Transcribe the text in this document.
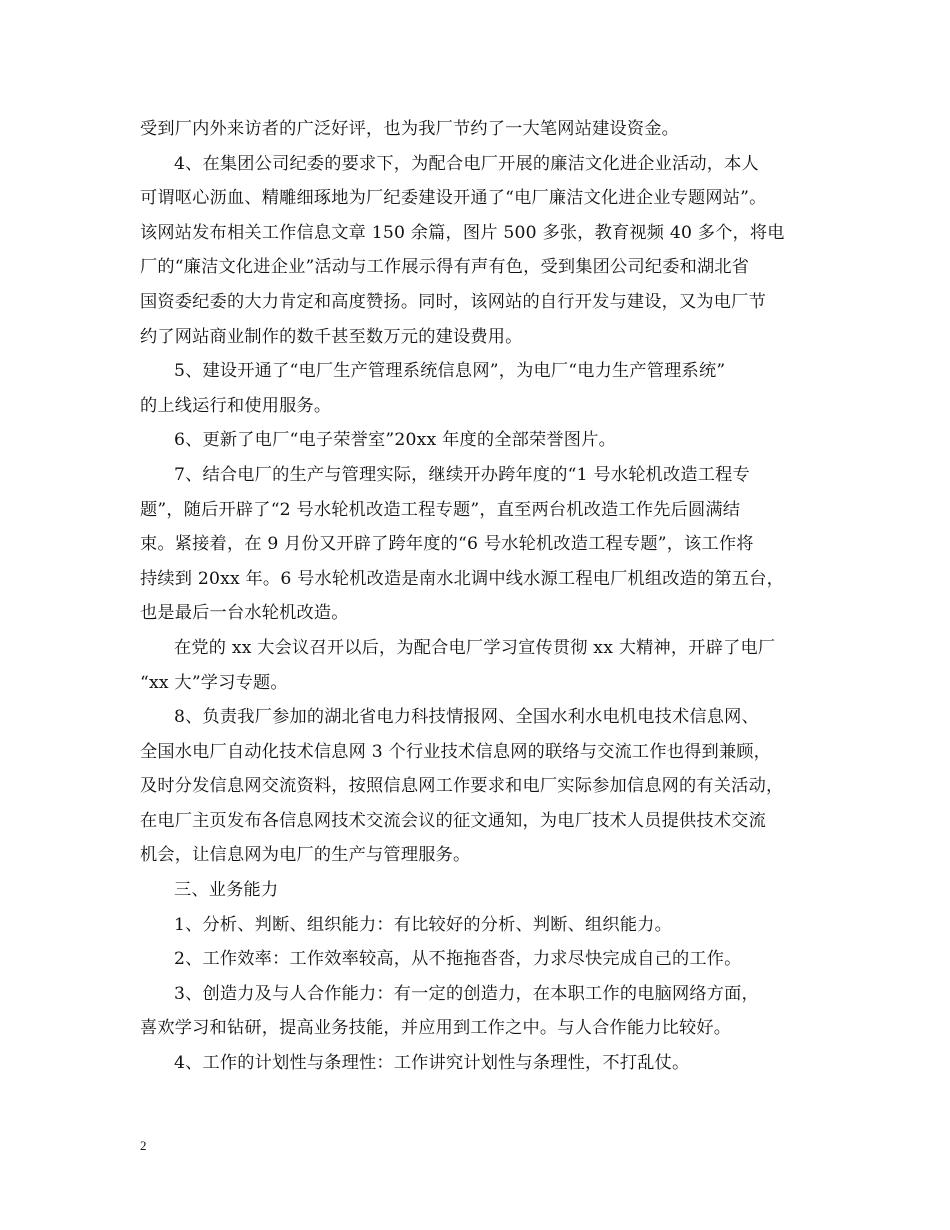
受到厂内外来访者的广泛好评，也为我厂节约了一大笔网站建设资金。
4、在集团公司纪委的要求下，为配合电厂开展的廉洁文化进企业活动，本人
可谓呕心沥血、精雕细琢地为厂纪委建设开通了“电厂廉洁文化进企业专题网站”。
该网站发布相关工作信息文章 150 余篇，图片 500 多张，教育视频 40 多个，将电
厂的“廉洁文化进企业”活动与工作展示得有声有色，受到集团公司纪委和湖北省
国资委纪委的大力肯定和高度赞扬。同时，该网站的自行开发与建设，又为电厂节
约了网站商业制作的数千甚至数万元的建设费用。
5、建设开通了“电厂生产管理系统信息网”，为电厂“电力生产管理系统”
的上线运行和使用服务。
6、更新了电厂“电子荣誉室”20xx 年度的全部荣誉图片。
7、结合电厂的生产与管理实际，继续开办跨年度的“1 号水轮机改造工程专
题”，随后开辟了“2 号水轮机改造工程专题”，直至两台机改造工作先后圆满结
束。紧接着，在 9 月份又开辟了跨年度的“6 号水轮机改造工程专题”，该工作将
持续到 20xx 年。6 号水轮机改造是南水北调中线水源工程电厂机组改造的第五台，
也是最后一台水轮机改造。
在党的 xx 大会议召开以后，为配合电厂学习宣传贯彻 xx 大精神，开辟了电厂
“xx 大”学习专题。
8、负责我厂参加的湖北省电力科技情报网、全国水利水电机电技术信息网、
全国水电厂自动化技术信息网 3 个行业技术信息网的联络与交流工作也得到兼顾，
及时分发信息网交流资料，按照信息网工作要求和电厂实际参加信息网的有关活动，
在电厂主页发布各信息网技术交流会议的征文通知，为电厂技术人员提供技术交流
机会，让信息网为电厂的生产与管理服务。
三、业务能力
1、分析、判断、组织能力：有比较好的分析、判断、组织能力。
2、工作效率：工作效率较高，从不拖拖沓沓，力求尽快完成自己的工作。
3、创造力及与人合作能力：有一定的创造力，在本职工作的电脑网络方面，
喜欢学习和钻研，提高业务技能，并应用到工作之中。与人合作能力比较好。
4、工作的计划性与条理性：工作讲究计划性与条理性，不打乱仗。
2
